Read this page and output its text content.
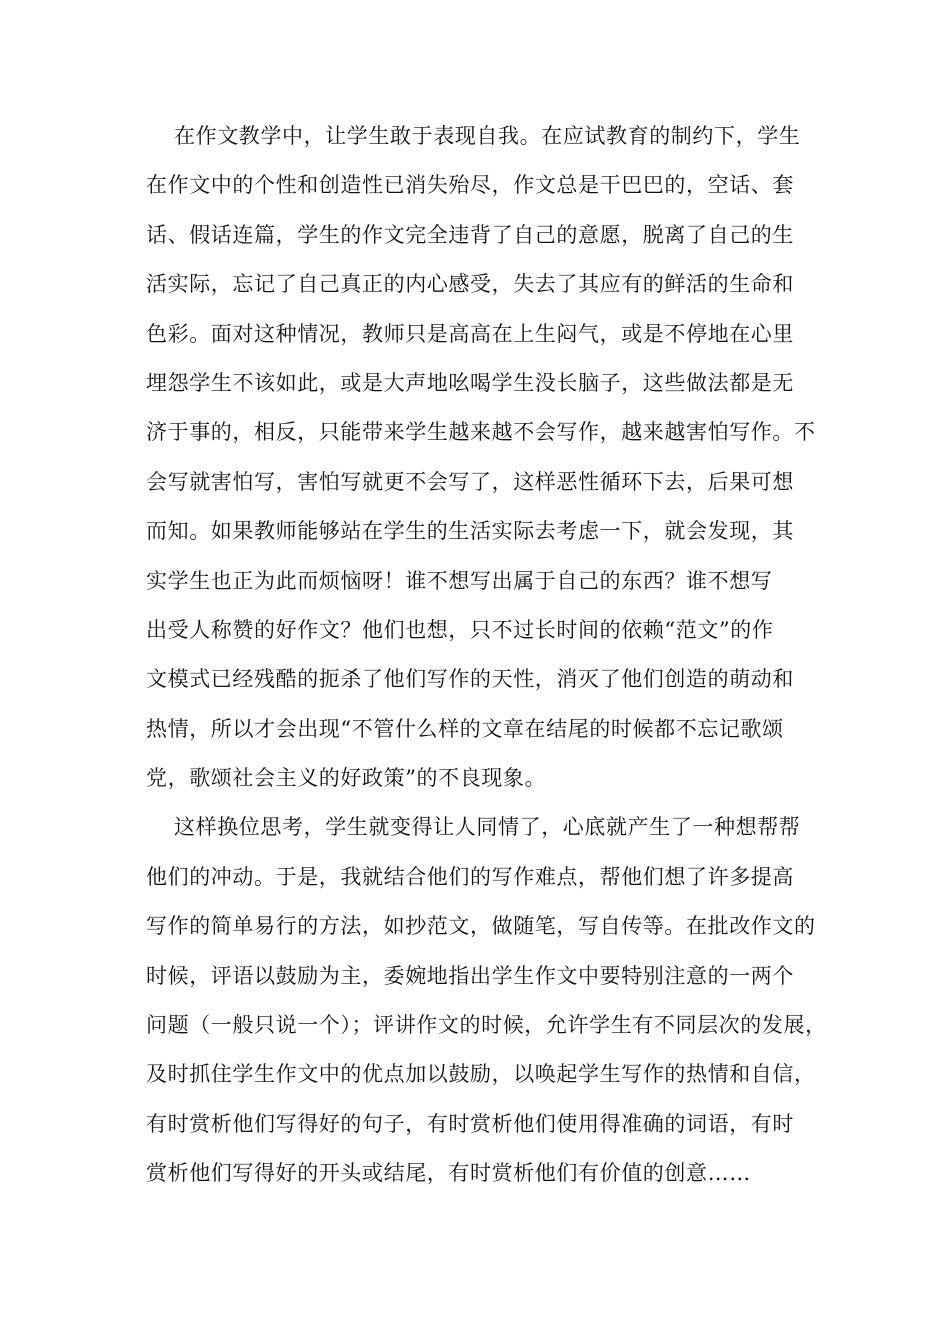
在作文教学中，让学生敢于表现自我。在应试教育的制约下，学生
在作文中的个性和创造性已消失殆尽，作文总是干巴巴的，空话、套
话、假话连篇，学生的作文完全违背了自己的意愿，脱离了自己的生
活实际，忘记了自己真正的内心感受，失去了其应有的鲜活的生命和
色彩。面对这种情况，教师只是高高在上生闷气，或是不停地在心里
埋怨学生不该如此，或是大声地吆喝学生没长脑子，这些做法都是无
济于事的，相反，只能带来学生越来越不会写作，越来越害怕写作。不
会写就害怕写，害怕写就更不会写了，这样恶性循环下去，后果可想
而知。如果教师能够站在学生的生活实际去考虑一下，就会发现，其
实学生也正为此而烦恼呀！谁不想写出属于自己的东西？谁不想写
出受人称赞的好作文？他们也想，只不过长时间的依赖“范文”的作
文模式已经残酷的扼杀了他们写作的天性，消灭了他们创造的萌动和
热情，所以才会出现“不管什么样的文章在结尾的时候都不忘记歌颂
党，歌颂社会主义的好政策”的不良现象。
这样换位思考，学生就变得让人同情了，心底就产生了一种想帮帮
他们的冲动。于是，我就结合他们的写作难点，帮他们想了许多提高
写作的简单易行的方法，如抄范文，做随笔，写自传等。在批改作文的
时候，评语以鼓励为主，委婉地指出学生作文中要特别注意的一两个
问题（一般只说一个）；评讲作文的时候，允许学生有不同层次的发展，
及时抓住学生作文中的优点加以鼓励，以唤起学生写作的热情和自信，
有时赏析他们写得好的句子，有时赏析他们使用得准确的词语，有时
赏析他们写得好的开头或结尾，有时赏析他们有价值的创意……
